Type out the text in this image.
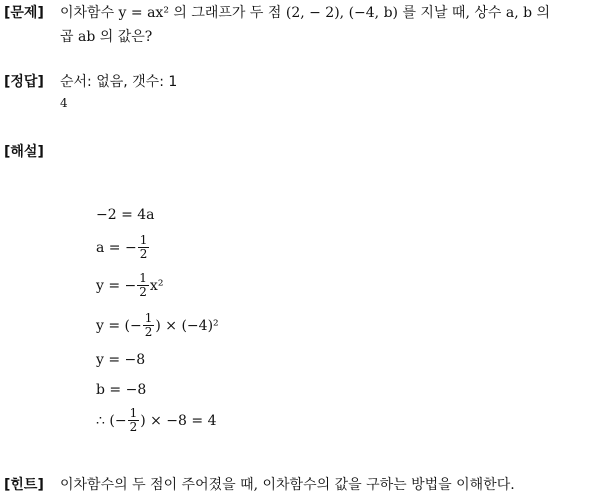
[문제] 이차함수 y = ax² 의 그래프가 두 점 (2, − 2), (−4, b) 를 지날 때, 상수 a, b 의
곱 ab 의 값은?
[정답] 순서: 없음, 갯수: 1
4
[해설]
−2 = 4a
a = − $\frac{1}{2}$
y = − $\frac{1}{2} x^2$
y = (− $\frac{1}{2}$ ) × (−4)²
y = −8
b = −8
∴ (− $\frac{1}{2}$ ) × −8 = 4
[힌트] 이차함수의 두 점이 주어졌을 때, 이차함수의 값을 구하는 방법을 이해한다.
